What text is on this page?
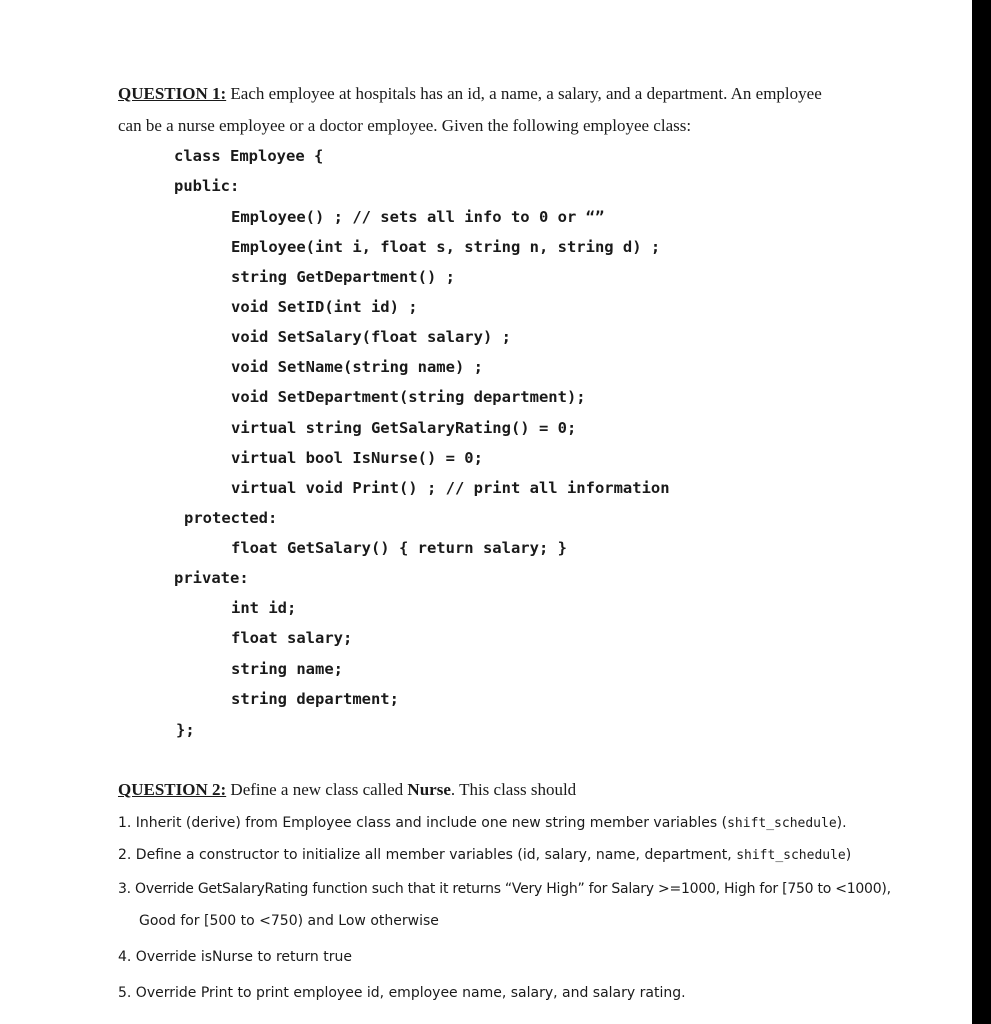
QUESTION 1: Each employee at hospitals has an id, a name, a salary, and a department. An employee
can be a nurse employee or a doctor employee. Given the following employee class:
class Employee {
public:
Employee() ; // sets all info to 0 or “”
Employee(int i, float s, string n, string d) ;
string GetDepartment() ;
void SetID(int id) ;
void SetSalary(float salary) ;
void SetName(string name) ;
void SetDepartment(string department);
virtual string GetSalaryRating() = 0;
virtual bool IsNurse() = 0;
virtual void Print() ; // print all information
protected:
float GetSalary() { return salary; }
private:
int id;
float salary;
string name;
string department;
};
QUESTION 2: Define a new class called Nurse. This class should
1. Inherit (derive) from Employee class and include one new string member variables (shift_schedule).
2. Define a constructor to initialize all member variables (id, salary, name, department, shift_schedule)
3. Override GetSalaryRating function such that it returns “Very High” for Salary >=1000, High for [750 to <1000),
Good for [500 to <750) and Low otherwise
4. Override isNurse to return true
5. Override Print to print employee id, employee name, salary, and salary rating.
